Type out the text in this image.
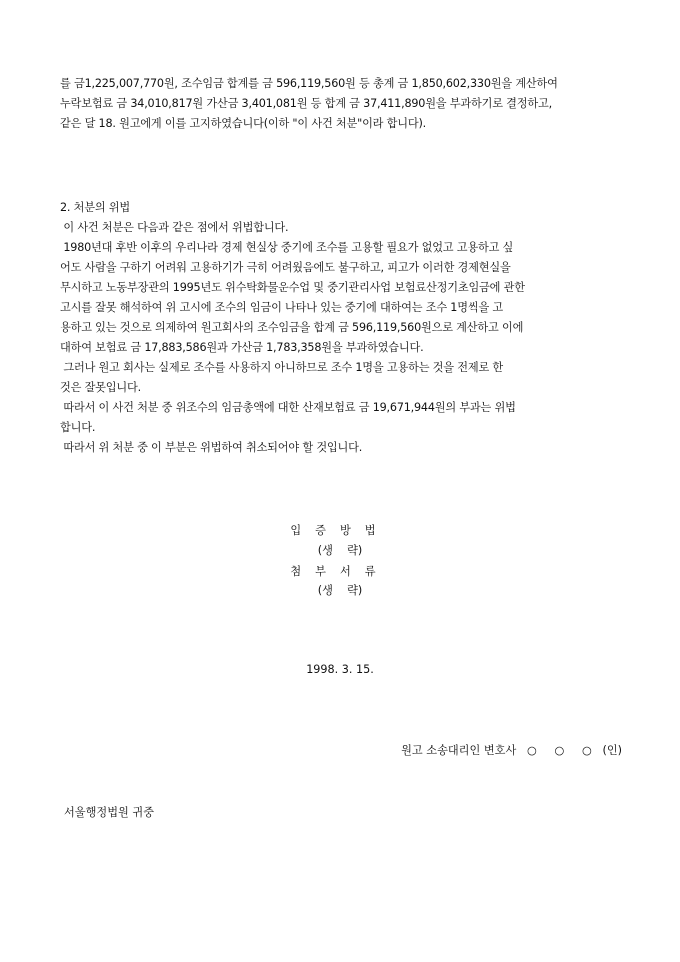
를 금1,225,007,770원, 조수임금 합계를 금 596,119,560원 등 총계 금 1,850,602,330원을 계산하여
누락보험료 금 34,010,817원 가산금 3,401,081원 등 합계 금 37,411,890원을 부과하기로 결정하고,
같은 달 18. 원고에게 이를 고지하였습니다(이하 "이 사건 처분"이라 합니다).
2. 처분의 위법
이 사건 처분은 다음과 같은 점에서 위법합니다.
1980년대 후반 이후의 우리나라 경제 현실상 중기에 조수를 고용할 필요가 없었고 고용하고 싶
어도 사람을 구하기 어려워 고용하기가 극히 어려웠음에도 불구하고, 피고가 이러한 경제현실을
무시하고 노동부장관의 1995년도 위수탁화물운수업 및 중기관리사업 보험료산정기초임금에 관한
고시를 잘못 해석하여 위 고시에 조수의 임금이 나타나 있는 중기에 대하여는 조수 1명씩을 고
용하고 있는 것으로 의제하여 원고회사의 조수임금을 합계 금 596,119,560원으로 계산하고 이에
대하여 보험료 금 17,883,586원과 가산금 1,783,358원을 부과하였습니다.
그러나 원고 회사는 실제로 조수를 사용하지 아니하므로 조수 1명을 고용하는 것을 전제로 한
것은 잘못입니다.
따라서 이 사건 처분 중 위조수의 임금총액에 대한 산재보험료 금 19,671,944원의 부과는 위법
합니다.
따라서 위 처분 중 이 부분은 위법하여 취소되어야 할 것입니다.
입증방법
(생    략)
첨부서류
(생    략)
1998. 3. 15.
원고 소송대리인 변호사   ○     ○     ○   (인)
서울행정법원 귀중
